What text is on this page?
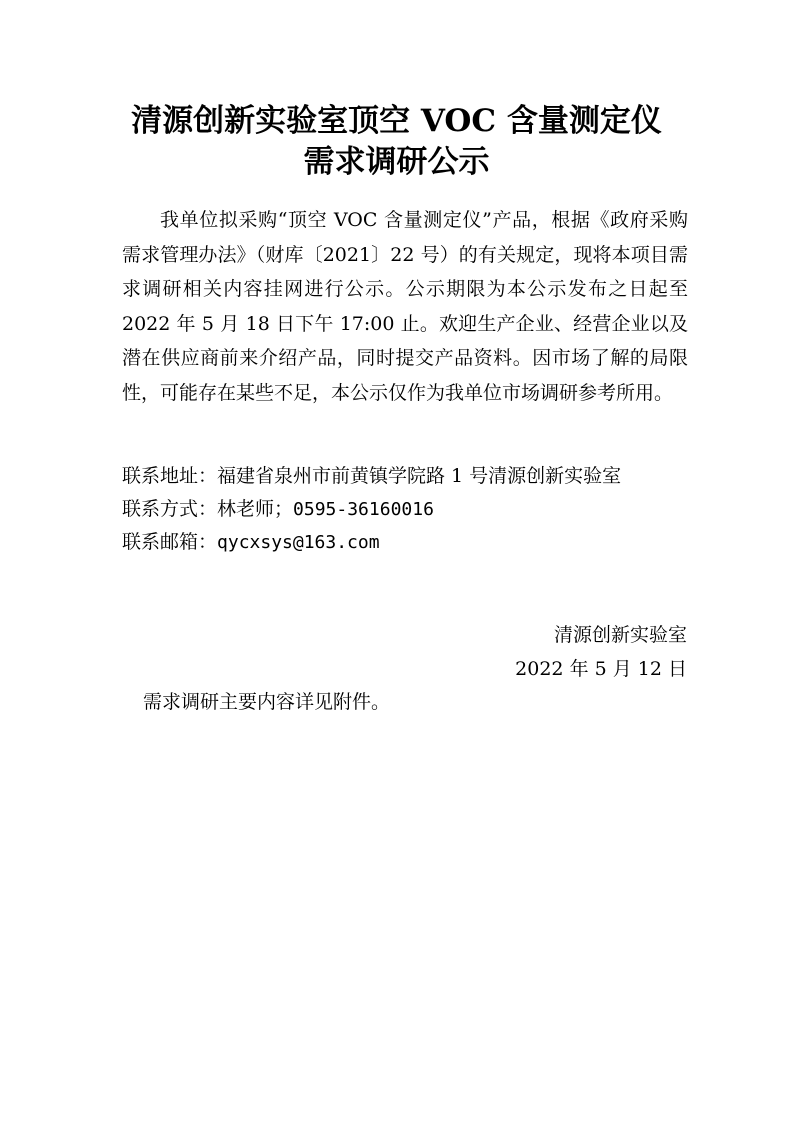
清源创新实验室顶空 VOC 含量测定仪
需求调研公示

我单位拟采购“顶空 VOC 含量测定仪”产品，根据《政府采购需求管理办法》（财库〔2021〕22 号）的有关规定，现将本项目需求调研相关内容挂网进行公示。公示期限为本公示发布之日起至 2022 年 5 月 18 日下午 17:00 止。欢迎生产企业、经营企业以及潜在供应商前来介绍产品，同时提交产品资料。因市场了解的局限性，可能存在某些不足，本公示仅作为我单位市场调研参考所用。

联系地址：福建省泉州市前黄镇学院路 1 号清源创新实验室

联系方式：林老师；0595-36160016

联系邮箱：qycxsys@163.com

清源创新实验室

2022 年 5 月 12 日

需求调研主要内容详见附件。
